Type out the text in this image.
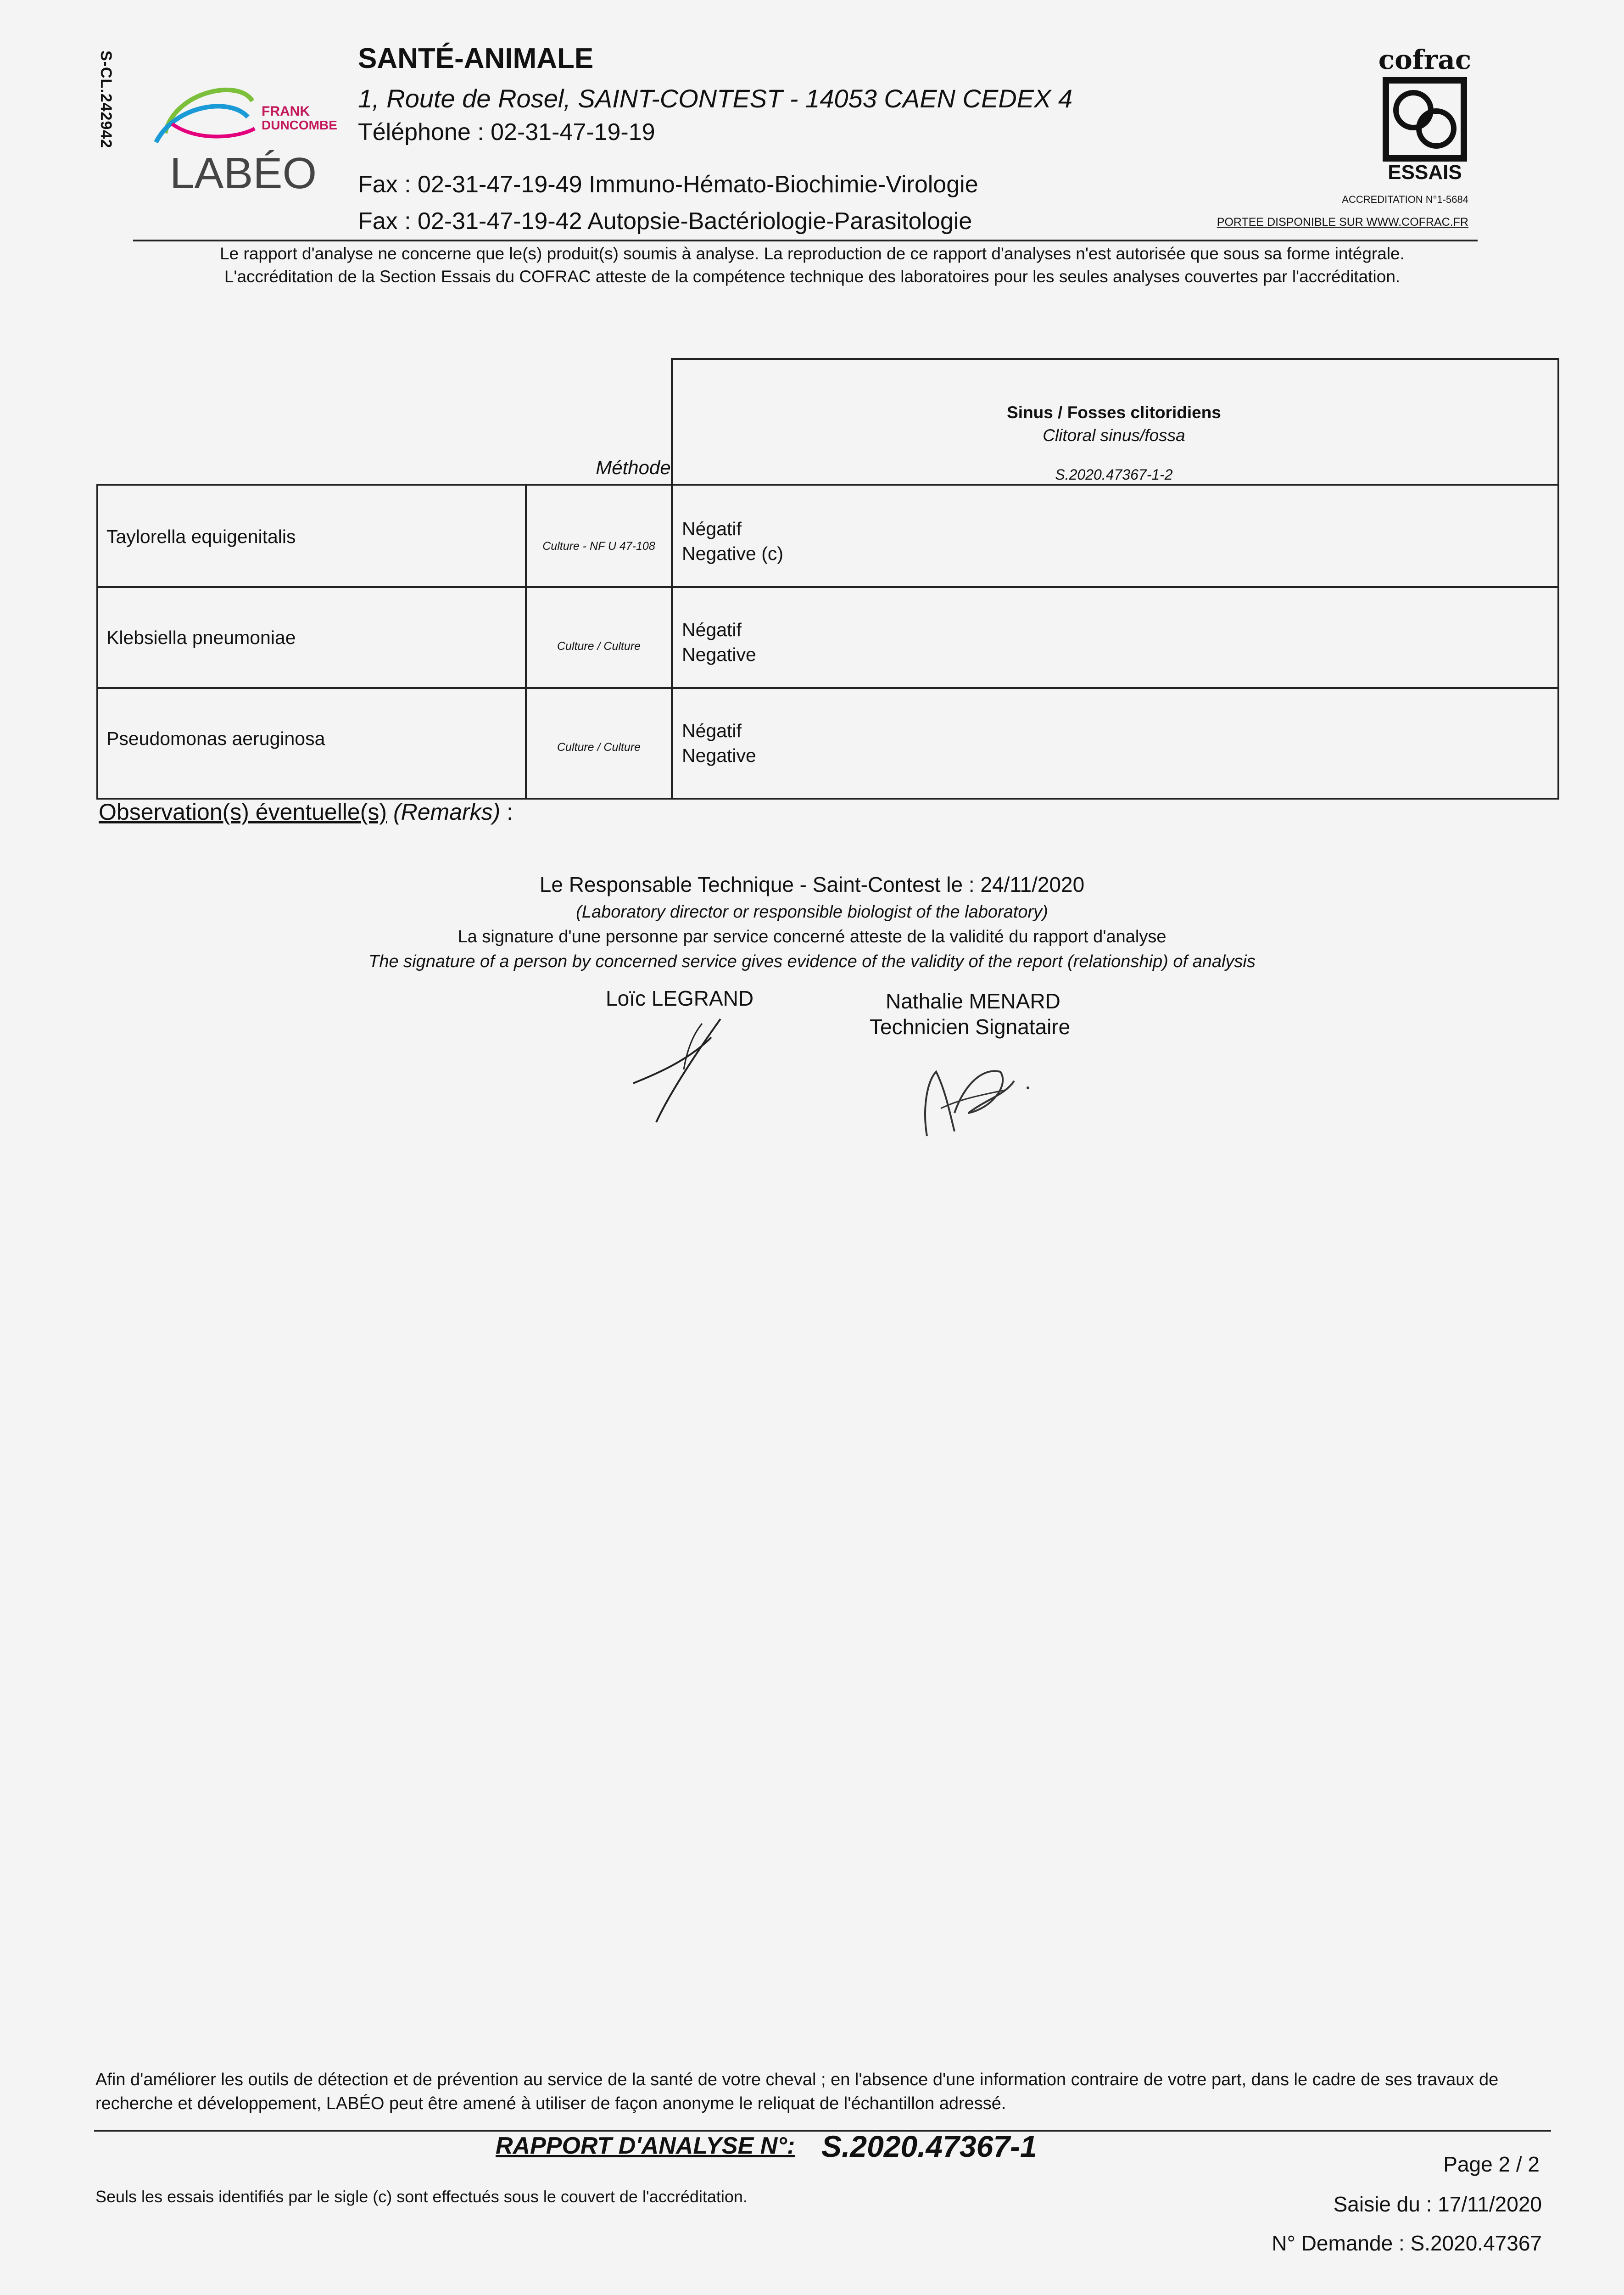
S-CL.242942	FRANK
DUNCOMBE
LABÉO
SANTÉ-ANIMALE
1, Route de Rosel, SAINT-CONTEST - 14053 CAEN CEDEX 4
Téléphone : 02-31-47-19-19
Fax : 02-31-47-19-49 Immuno-Hémato-Biochimie-Virologie
Fax : 02-31-47-19-42 Autopsie-Bactériologie-Parasitologie
cofrac
ESSAIS
ACCREDITATION N°1-5684
PORTEE DISPONIBLE SUR WWW.COFRAC.FR
Le rapport d'analyse ne concerne que le(s) produit(s) soumis à analyse. La reproduction de ce rapport d'analyses n'est autorisée que sous sa forme intégrale.
L'accréditation de la Section Essais du COFRAC atteste de la compétence technique des laboratoires pour les seules analyses couvertes par l'accréditation.
Méthode
Sinus / Fosses clitoridiens
Clitoral sinus/fossa
S.2020.47367-1-2
Taylorella equigenitalis	Culture - NF U 47-108
Négatif
Negative (c)
Klebsiella pneumoniae	Culture / Culture
Négatif
Negative
Pseudomonas aeruginosa	Culture / Culture
Négatif
Negative
Observation(s) éventuelle(s) (Remarks) :
Le Responsable Technique - Saint-Contest le : 24/11/2020
(Laboratory director or responsible biologist of the laboratory)
La signature d'une personne par service concerné atteste de la validité du rapport d'analyse
The signature of a person by concerned service gives evidence of the validity of the report (relationship) of analysis
Loïc LEGRAND	Nathalie MENARD
Technicien Signataire
Afin d'améliorer les outils de détection et de prévention au service de la santé de votre cheval ; en l'absence d'une information contraire de votre part, dans le cadre de ses travaux de recherche et développement, LABÉO peut être amené à utiliser de façon anonyme le reliquat de l'échantillon adressé.
RAPPORT D'ANALYSE N°: S.2020.47367-1
Page 2 / 2
Seuls les essais identifiés par le sigle (c) sont effectués sous le couvert de l'accréditation.	Saisie du : 17/11/2020
N° Demande : S.2020.47367
